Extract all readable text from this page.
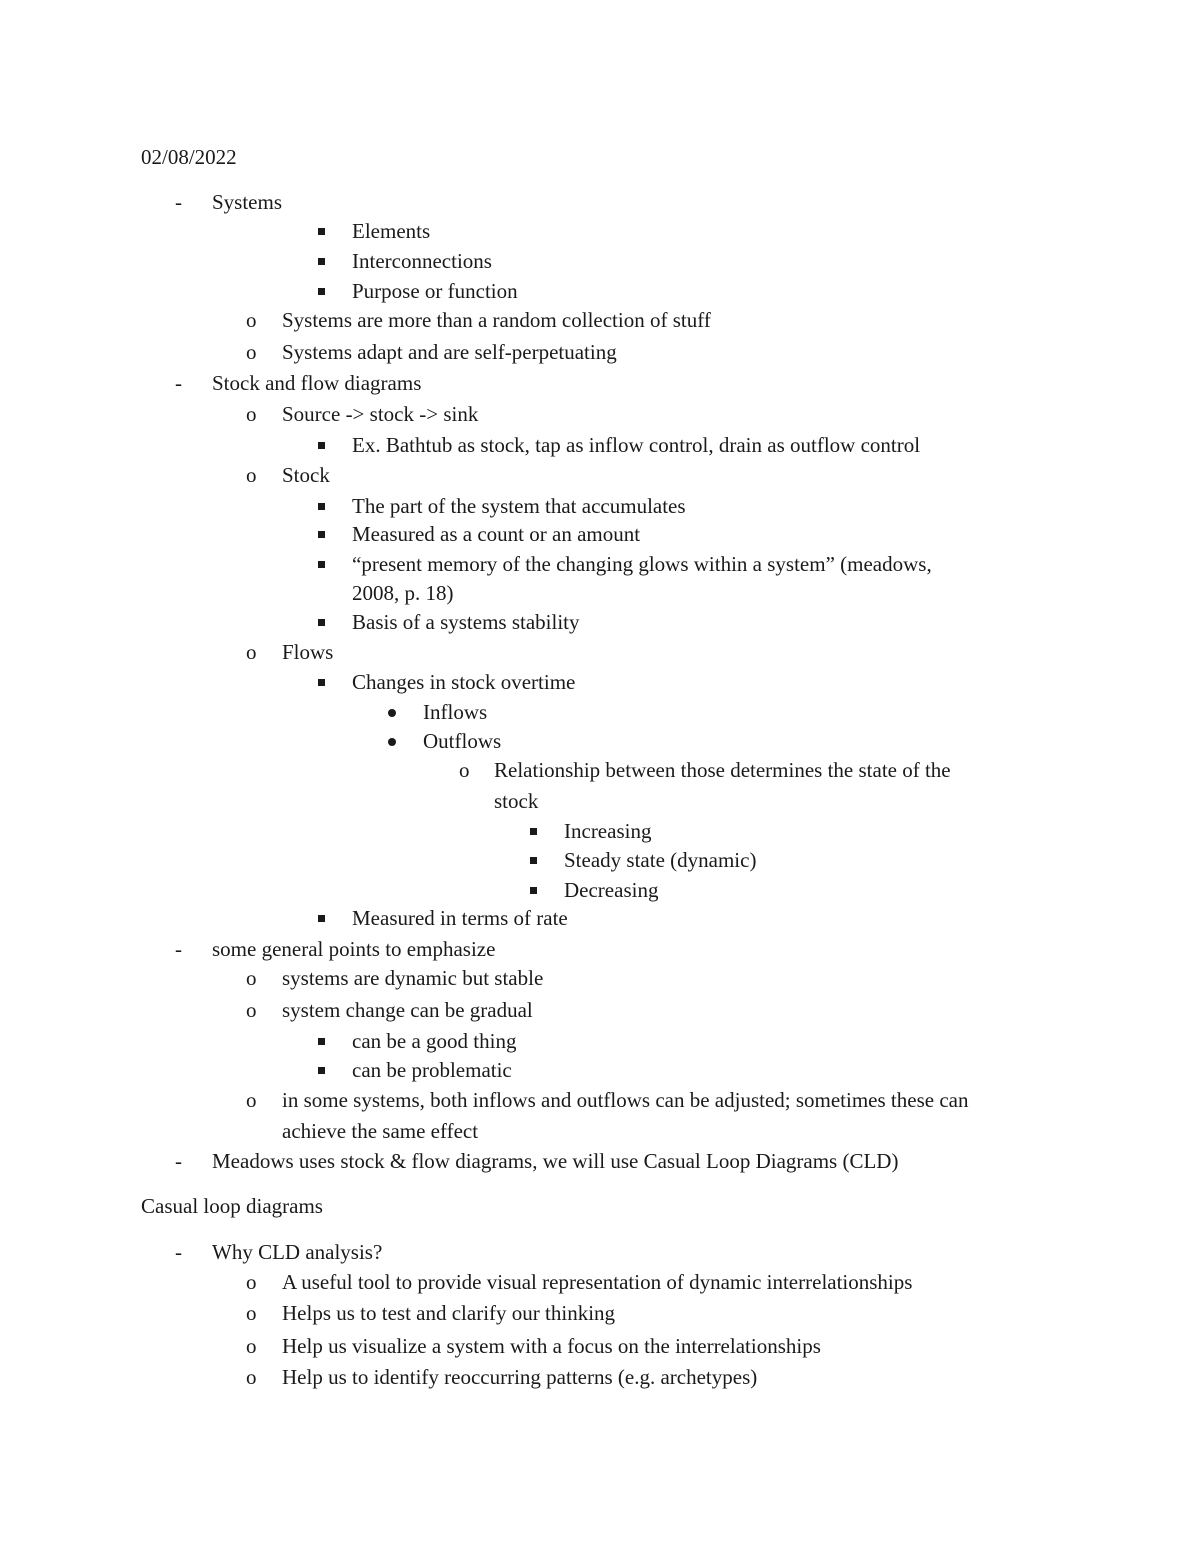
02/08/2022
-	Systems
Elements
Interconnections
Purpose or function
o	Systems are more than a random collection of stuff
o	Systems adapt and are self-perpetuating
-	Stock and flow diagrams
o	Source -> stock -> sink
Ex. Bathtub as stock, tap as inflow control, drain as outflow control
o	Stock
The part of the system that accumulates
Measured as a count or an amount
“present memory of the changing glows within a system” (meadows,
2008, p. 18)
Basis of a systems stability
o	Flows
Changes in stock overtime
Inflows
Outflows
o	Relationship between those determines the state of the
stock
Increasing
Steady state (dynamic)
Decreasing
Measured in terms of rate
-	some general points to emphasize
o	systems are dynamic but stable
o	system change can be gradual
can be a good thing
can be problematic
o	in some systems, both inflows and outflows can be adjusted; sometimes these can
achieve the same effect
-	Meadows uses stock & flow diagrams, we will use Casual Loop Diagrams (CLD)
Casual loop diagrams
-	Why CLD analysis?
o	A useful tool to provide visual representation of dynamic interrelationships
o	Helps us to test and clarify our thinking
o	Help us visualize a system with a focus on the interrelationships
o	Help us to identify reoccurring patterns (e.g. archetypes)
